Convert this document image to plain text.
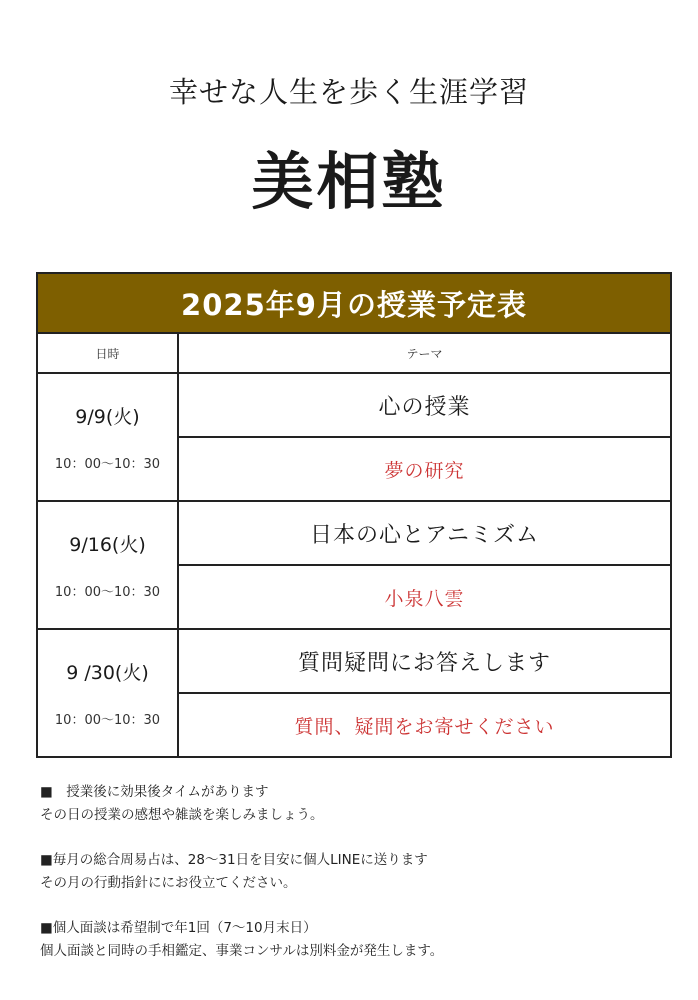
幸せな人生を歩く生涯学習
美相塾
2025年9月の授業予定表	
日時	テーマ

9/9(火)
10：00〜10：30	心の授業
	夢の研究

9/16(火)
10：00〜10：30	日本の心とアニミズム
	小泉八雲

9 /30(火)
10：00〜10：30	質問疑問にお答えします
	質問、疑問をお寄せください
■　授業後に効果後タイムがあります
その日の授業の感想や雑談を楽しみましょう。
■毎月の総合周易占は、28〜31日を目安に個人LINEに送ります
その月の行動指針ににお役立てください。
■個人面談は希望制で年1回（7〜10月末日）
個人面談と同時の手相鑑定、事業コンサルは別料金が発生します。
